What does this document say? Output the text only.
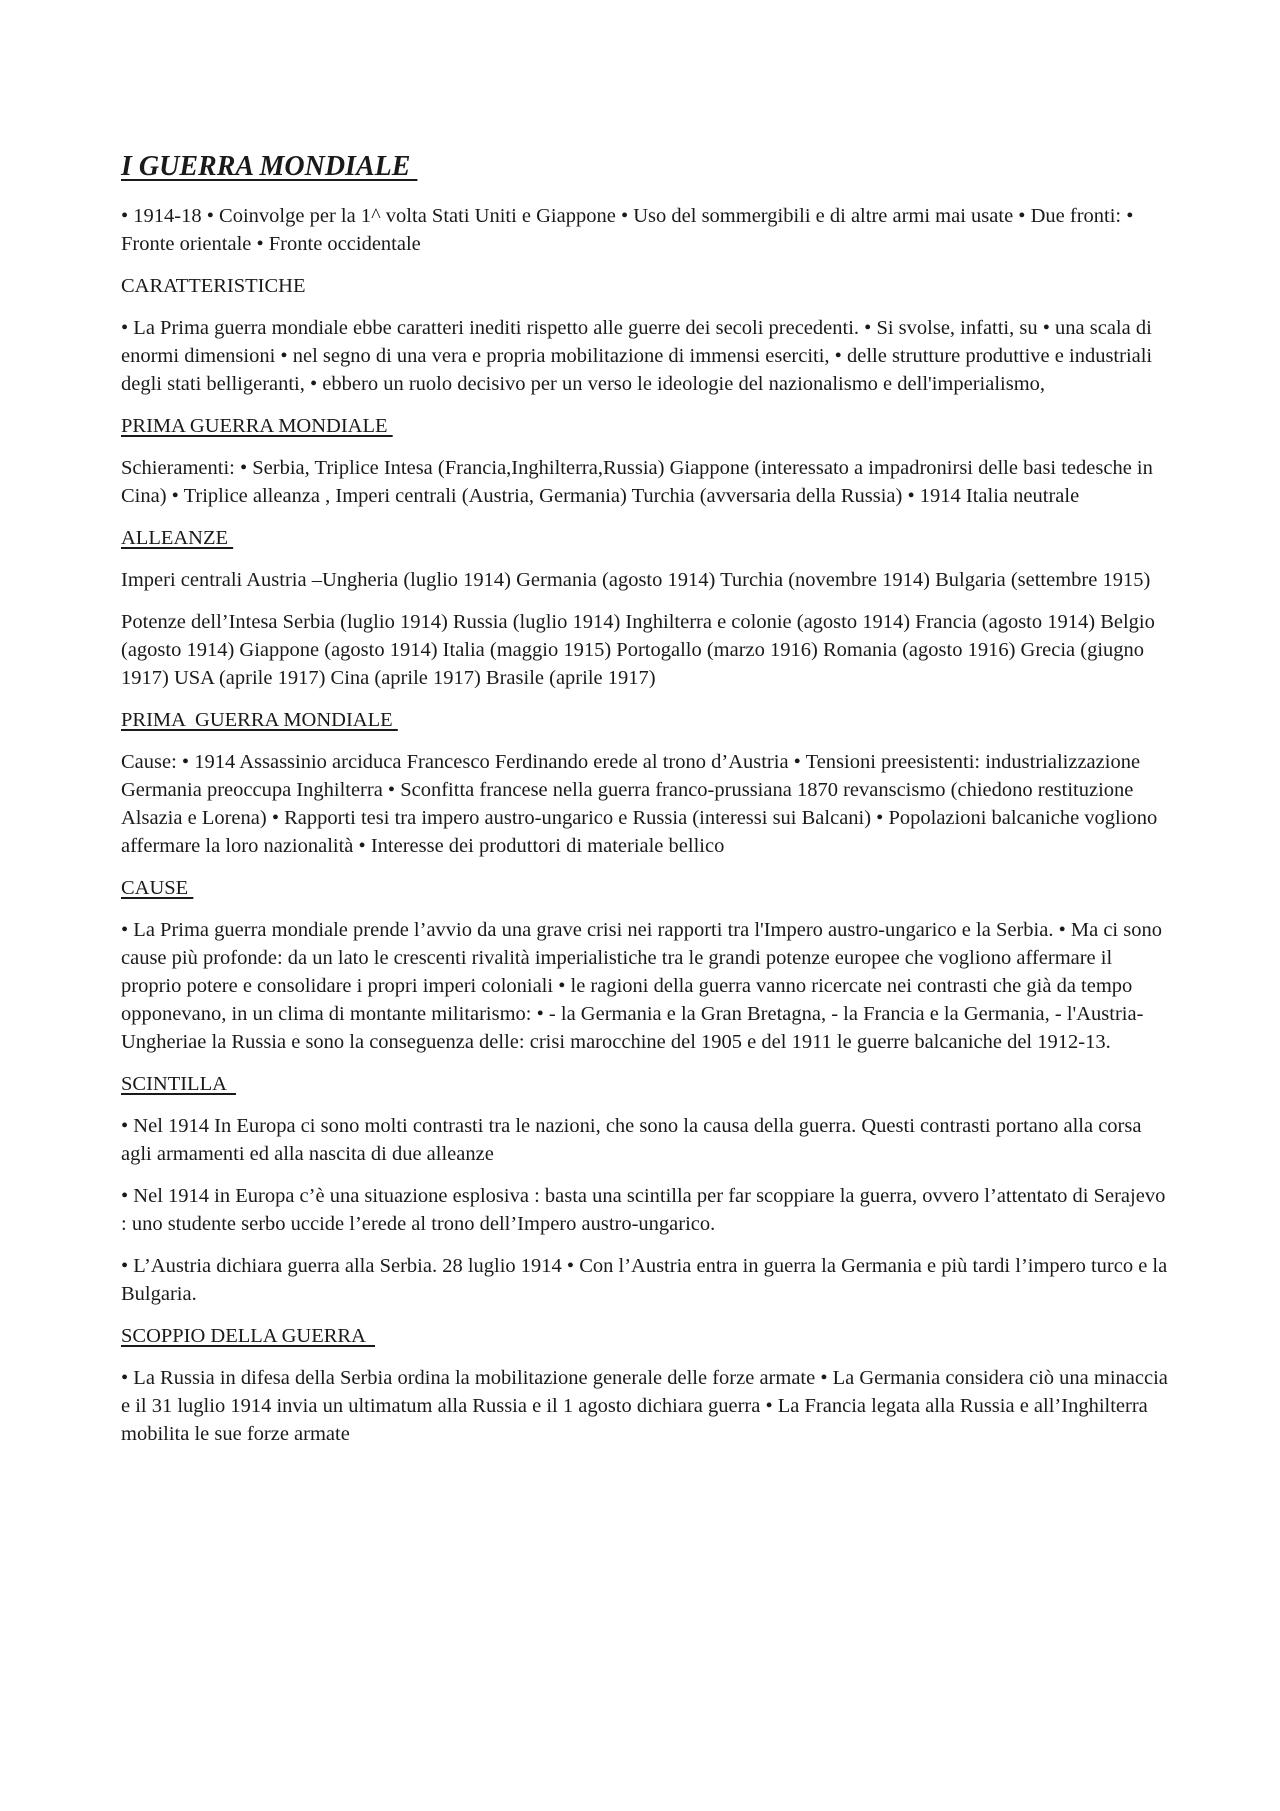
I GUERRA MONDIALE

• 1914-18 • Coinvolge per la 1^ volta Stati Uniti e Giappone • Uso del sommergibili e di altre armi mai usate • Due fronti: • Fronte orientale • Fronte occidentale

CARATTERISTICHE

• La Prima guerra mondiale ebbe caratteri inediti rispetto alle guerre dei secoli precedenti. • Si svolse, infatti, su • una scala di enormi dimensioni • nel segno di una vera e propria mobilitazione di immensi eserciti, • delle strutture produttive e industriali degli stati belligeranti, • ebbero un ruolo decisivo per un verso le ideologie del nazionalismo e dell'imperialismo,

PRIMA GUERRA MONDIALE

Schieramenti: • Serbia, Triplice Intesa (Francia,Inghilterra,Russia) Giappone (interessato a impadronirsi delle basi tedesche in Cina) • Triplice alleanza , Imperi centrali (Austria, Germania) Turchia (avversaria della Russia) • 1914 Italia neutrale

ALLEANZE

Imperi centrali Austria –Ungheria (luglio 1914) Germania (agosto 1914) Turchia (novembre 1914) Bulgaria (settembre 1915)

Potenze dell’Intesa Serbia (luglio 1914) Russia (luglio 1914) Inghilterra e colonie (agosto 1914) Francia (agosto 1914) Belgio (agosto 1914) Giappone (agosto 1914) Italia (maggio 1915) Portogallo (marzo 1916) Romania (agosto 1916) Grecia (giugno 1917) USA (aprile 1917) Cina (aprile 1917) Brasile (aprile 1917)

PRIMA  GUERRA MONDIALE

Cause: • 1914 Assassinio arciduca Francesco Ferdinando erede al trono d’Austria • Tensioni preesistenti: industrializzazione Germania preoccupa Inghilterra • Sconfitta francese nella guerra franco-prussiana 1870 revanscismo (chiedono restituzione Alsazia e Lorena) • Rapporti tesi tra impero austro-ungarico e Russia (interessi sui Balcani) • Popolazioni balcaniche vogliono affermare la loro nazionalità • Interesse dei produttori di materiale bellico

CAUSE

• La Prima guerra mondiale prende l’avvio da una grave crisi nei rapporti tra l'Impero austro-ungarico e la Serbia. • Ma ci sono cause più profonde: da un lato le crescenti rivalità imperialistiche tra le grandi potenze europee che vogliono affermare il proprio potere e consolidare i propri imperi coloniali • le ragioni della guerra vanno ricercate nei contrasti che già da tempo opponevano, in un clima di montante militarismo: • - la Germania e la Gran Bretagna, - la Francia e la Germania, - l'Austria-Ungheriae la Russia e sono la conseguenza delle: crisi marocchine del 1905 e del 1911 le guerre balcaniche del 1912-13.

SCINTILLA

• Nel 1914 In Europa ci sono molti contrasti tra le nazioni, che sono la causa della guerra. Questi contrasti portano alla corsa agli armamenti ed alla nascita di due alleanze

• Nel 1914 in Europa c’è una situazione esplosiva : basta una scintilla per far scoppiare la guerra, ovvero l’attentato di Serajevo : uno studente serbo uccide l’erede al trono dell’Impero austro-ungarico.

• L’Austria dichiara guerra alla Serbia. 28 luglio 1914 • Con l’Austria entra in guerra la Germania e più tardi l’impero turco e la Bulgaria.

SCOPPIO DELLA GUERRA

• La Russia in difesa della Serbia ordina la mobilitazione generale delle forze armate • La Germania considera ciò una minaccia e il 31 luglio 1914 invia un ultimatum alla Russia e il 1 agosto dichiara guerra • La Francia legata alla Russia e all’Inghilterra mobilita le sue forze armate
